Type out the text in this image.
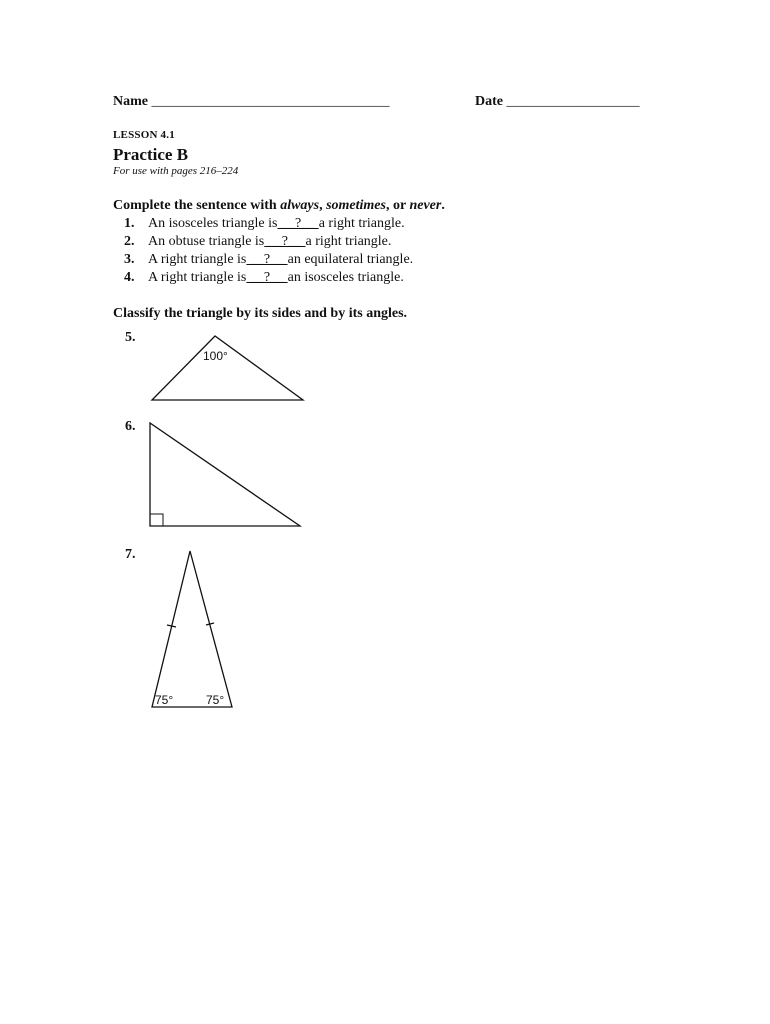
Name __________________________________	Date ___________________
LESSON 4.1
Practice B
For use with pages 216–224
Complete the sentence with always, sometimes, or never.
1. An isosceles triangle is __?__ a right triangle.
2. An obtuse triangle is __?__ a right triangle.
3. A right triangle is __?__ an equilateral triangle.
4. A right triangle is __?__ an isosceles triangle.
Classify the triangle by its sides and by its angles.
5.
100°
6.
7.
75°	75°
